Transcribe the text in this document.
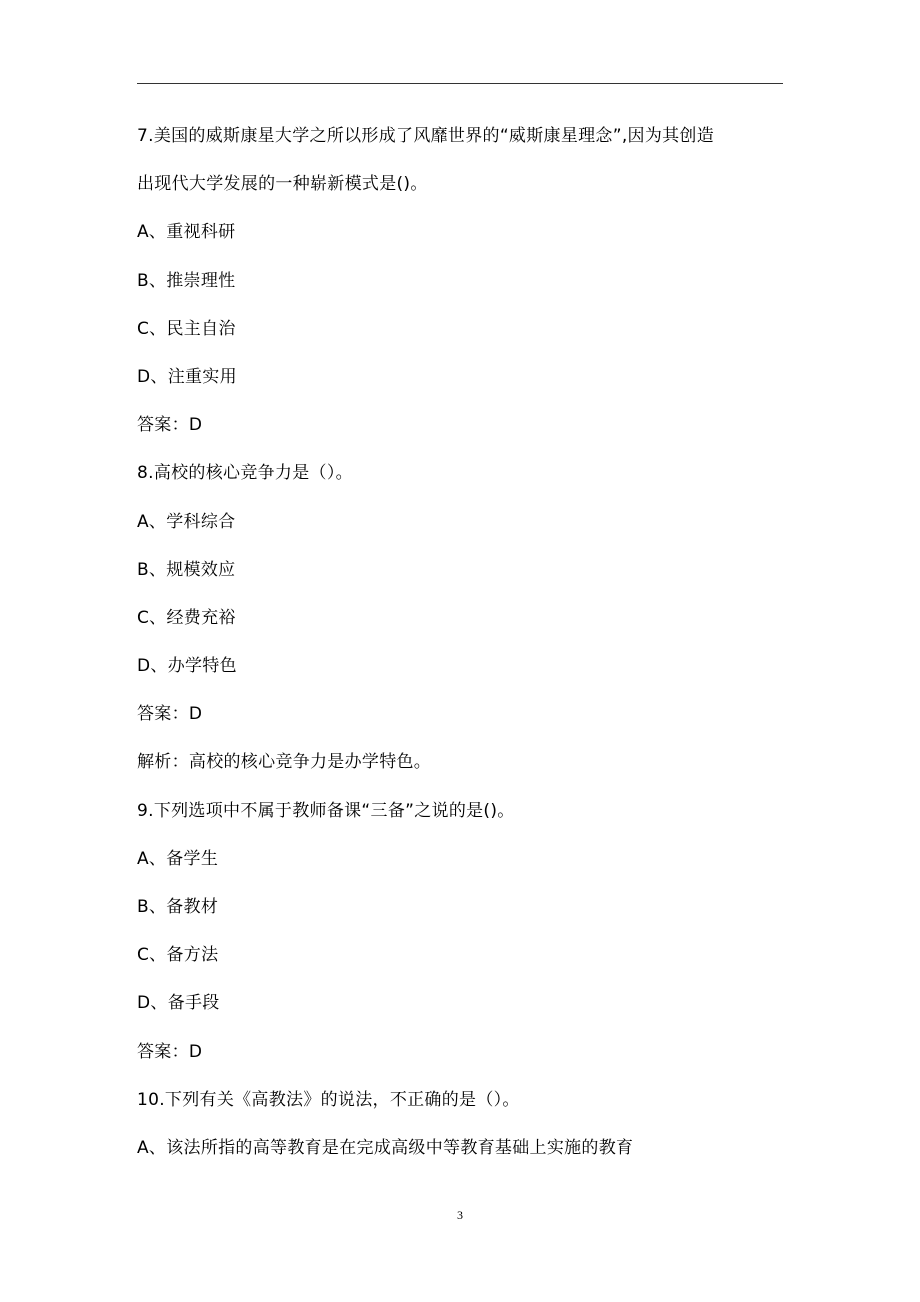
7.美国的威斯康星大学之所以形成了风靡世界的“威斯康星理念”,因为其创造
出现代大学发展的一种崭新模式是()。
A、重视科研
B、推崇理性
C、民主自治
D、注重实用
答案：D
8.高校的核心竞争力是（）。
A、学科综合
B、规模效应
C、经费充裕
D、办学特色
答案：D
解析：高校的核心竞争力是办学特色。
9.下列选项中不属于教师备课“三备”之说的是()。
A、备学生
B、备教材
C、备方法
D、备手段
答案：D
10.下列有关《高教法》的说法，不正确的是（）。
A、该法所指的高等教育是在完成高级中等教育基础上实施的教育
3
